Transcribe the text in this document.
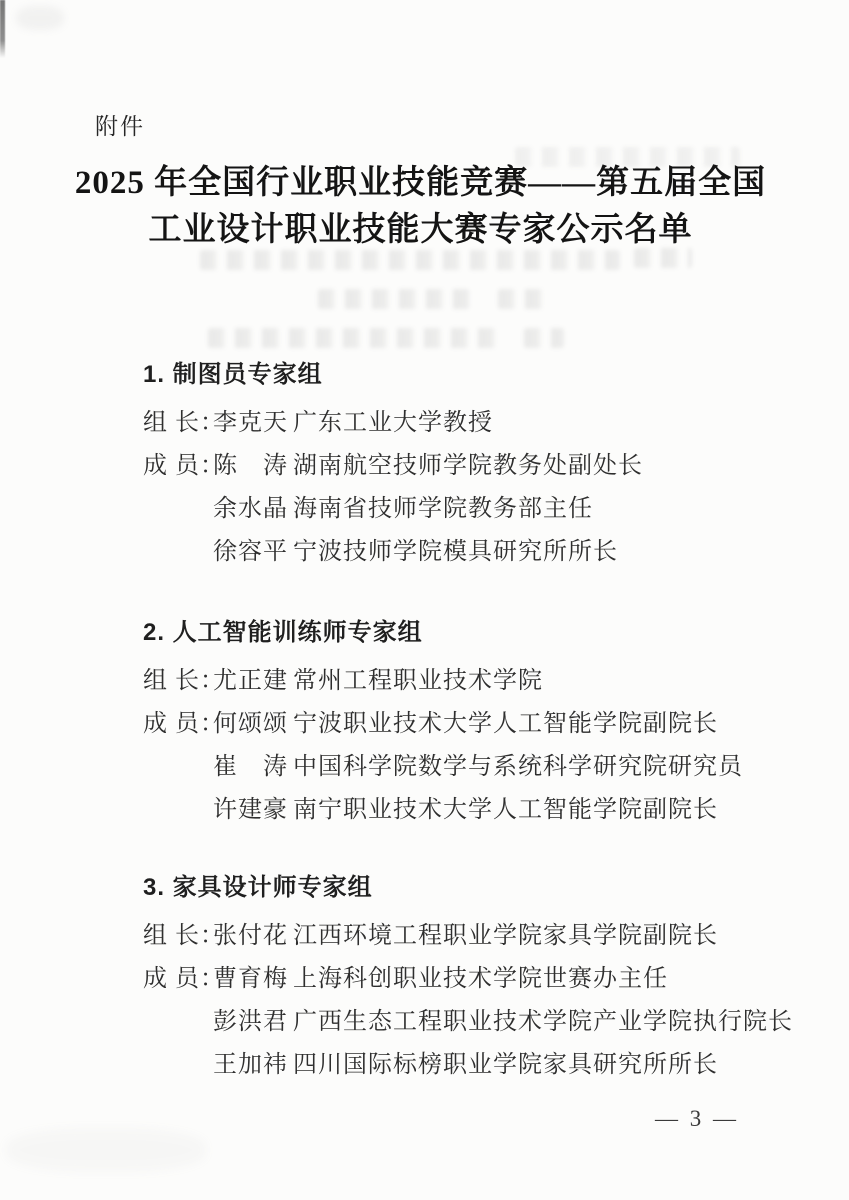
附件
2025 年全国行业职业技能竞赛——第五届全国
工业设计职业技能大赛专家公示名单
1. 制图员专家组
组 长：
李克天 广东工业大学教授
成 员：
陈　涛 湖南航空技师学院教务处副处长
余水晶 海南省技师学院教务部主任
徐容平 宁波技师学院模具研究所所长
2. 人工智能训练师专家组
组 长：
尤正建 常州工程职业技术学院
成 员：
何颂颂 宁波职业技术大学人工智能学院副院长
崔　涛 中国科学院数学与系统科学研究院研究员
许建豪 南宁职业技术大学人工智能学院副院长
3. 家具设计师专家组
组 长：
张付花 江西环境工程职业学院家具学院副院长
成 员：
曹育梅 上海科创职业技术学院世赛办主任
彭洪君 广西生态工程职业技术学院产业学院执行院长
王加祎 四川国际标榜职业学院家具研究所所长
— 3 —
